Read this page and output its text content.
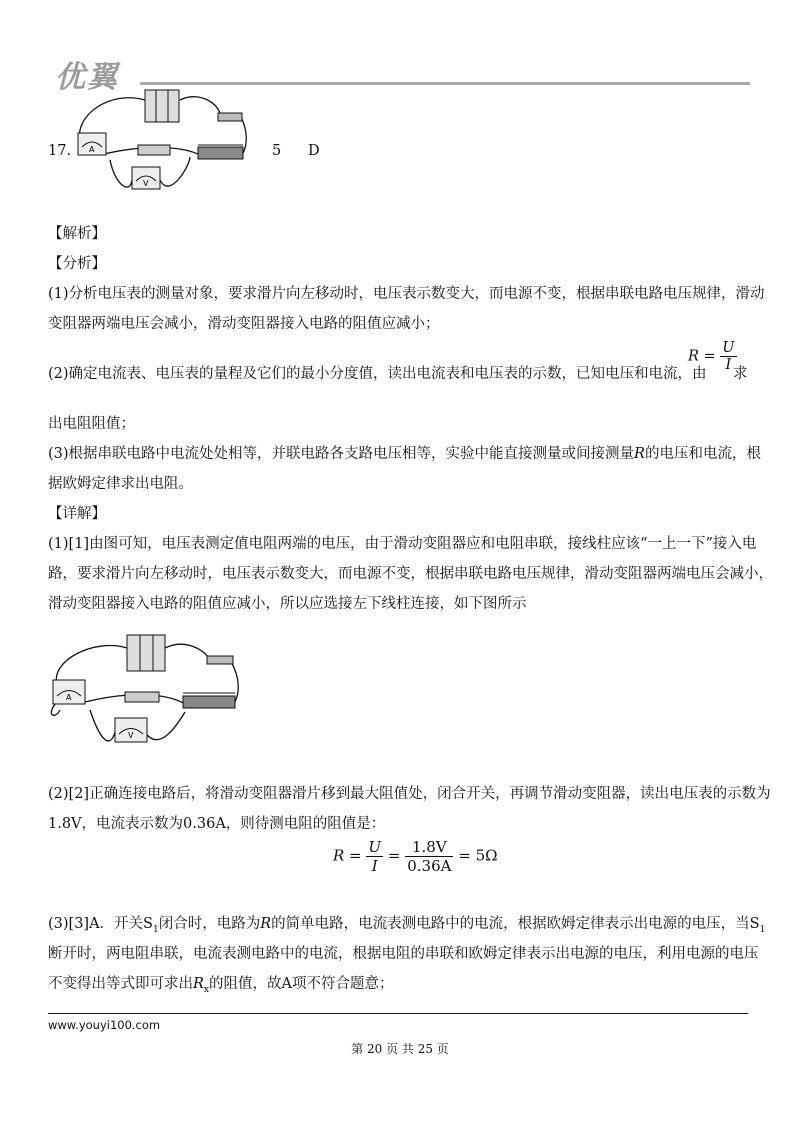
优翼
A
V
17.	5 D
【解析】
【分析】
(1)分析电压表的测量对象，要求滑片向左移动时，电压表示数变大，而电源不变，根据串联电路电压规律，滑动
变阻器两端电压会减小，滑动变阻器接入电路的阻值应减小；
(2)确定电流表、电压表的量程及它们的最小分度值，读出电流表和电压表的示数，已知电压和电流，由
$R = \frac{U}{I}$
求
出电阻阻值；
(3)根据串联电路中电流处处相等，并联电路各支路电压相等，实验中能直接测量或间接测量R的电压和电流，根
据欧姆定律求出电阻。
【详解】
(1)[1]由图可知，电压表测定值电阻两端的电压，由于滑动变阻器应和电阻串联，接线柱应该“一上一下”接入电
路，要求滑片向左移动时，电压表示数变大，而电源不变，根据串联电路电压规律，滑动变阻器两端电压会减小，
滑动变阻器接入电路的阻值应减小，所以应选接左下线柱连接，如下图所示
A
V
(2)[2]正确连接电路后，将滑动变阻器滑片移到最大阻值处，闭合开关，再调节滑动变阻器，读出电压表的示数为
1.8V，电流表示数为0.36A，则待测电阻的阻值是：
$R = \frac{U}{I} = \frac{1.8V}{0.36A} = 5\Omega$
(3)[3]A．开关$S_1$闭合时，电路为R的简单电路，电流表测电路中的电流，根据欧姆定律表示出电源的电压，当$S_1$
断开时，两电阻串联，电流表测电路中的电流，根据电阻的串联和欧姆定律表示出电源的电压，利用电源的电压
不变得出等式即可求出$R_x$的阻值，故A项不符合题意；
www.youyi100.com
第 20 页 共 25 页
